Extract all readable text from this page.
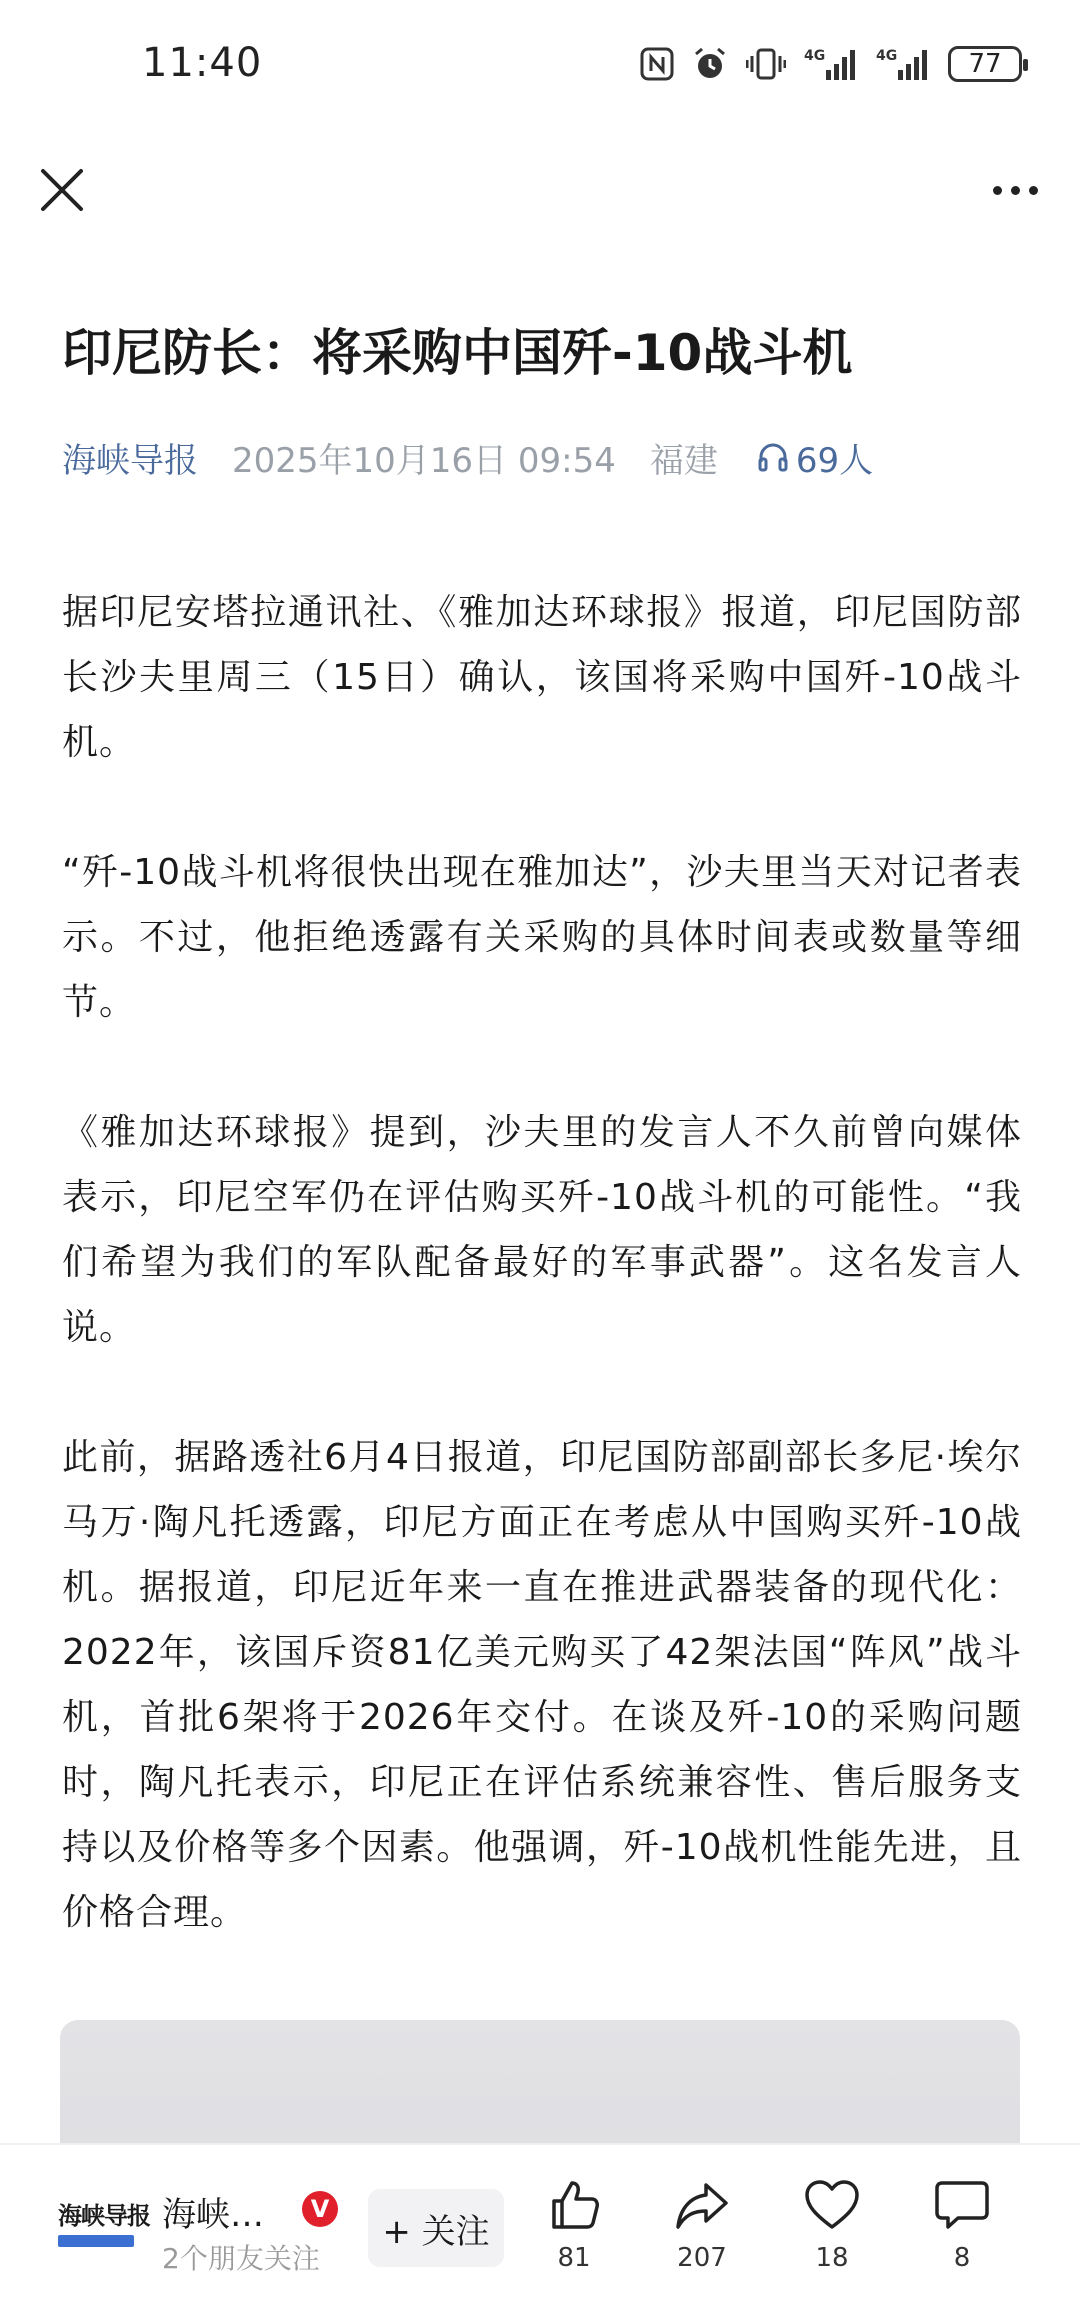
11:40	4G	4G	77
印尼防长：将采购中国歼-10战斗机
海峡导报 2025年10月16日 09:54 福建 69人

据印尼安塔拉通讯社、《雅加达环球报》报道，印尼国防部长沙夫里周三（15日）确认，该国将采购中国歼-10战斗机。

“歼-10战斗机将很快出现在雅加达”，沙夫里当天对记者表示。不过，他拒绝透露有关采购的具体时间表或数量等细节。

《雅加达环球报》提到，沙夫里的发言人不久前曾向媒体表示，印尼空军仍在评估购买歼-10战斗机的可能性。“我们希望为我们的军队配备最好的军事武器”。这名发言人说。

此前，据路透社6月4日报道，印尼国防部副部长多尼·埃尔马万·陶凡托透露，印尼方面正在考虑从中国购买歼-10战机。据报道，印尼近年来一直在推进武器装备的现代化：2022年，该国斥资81亿美元购买了42架法国“阵风”战斗机，首批6架将于2026年交付。在谈及歼-10的采购问题时，陶凡托表示，印尼正在评估系统兼容性、售后服务支持以及价格等多个因素。他强调，歼-10战机性能先进，且价格合理。

海峡导报 海峡…	V
2个朋友关注
+ 关注
81	207	18	8
